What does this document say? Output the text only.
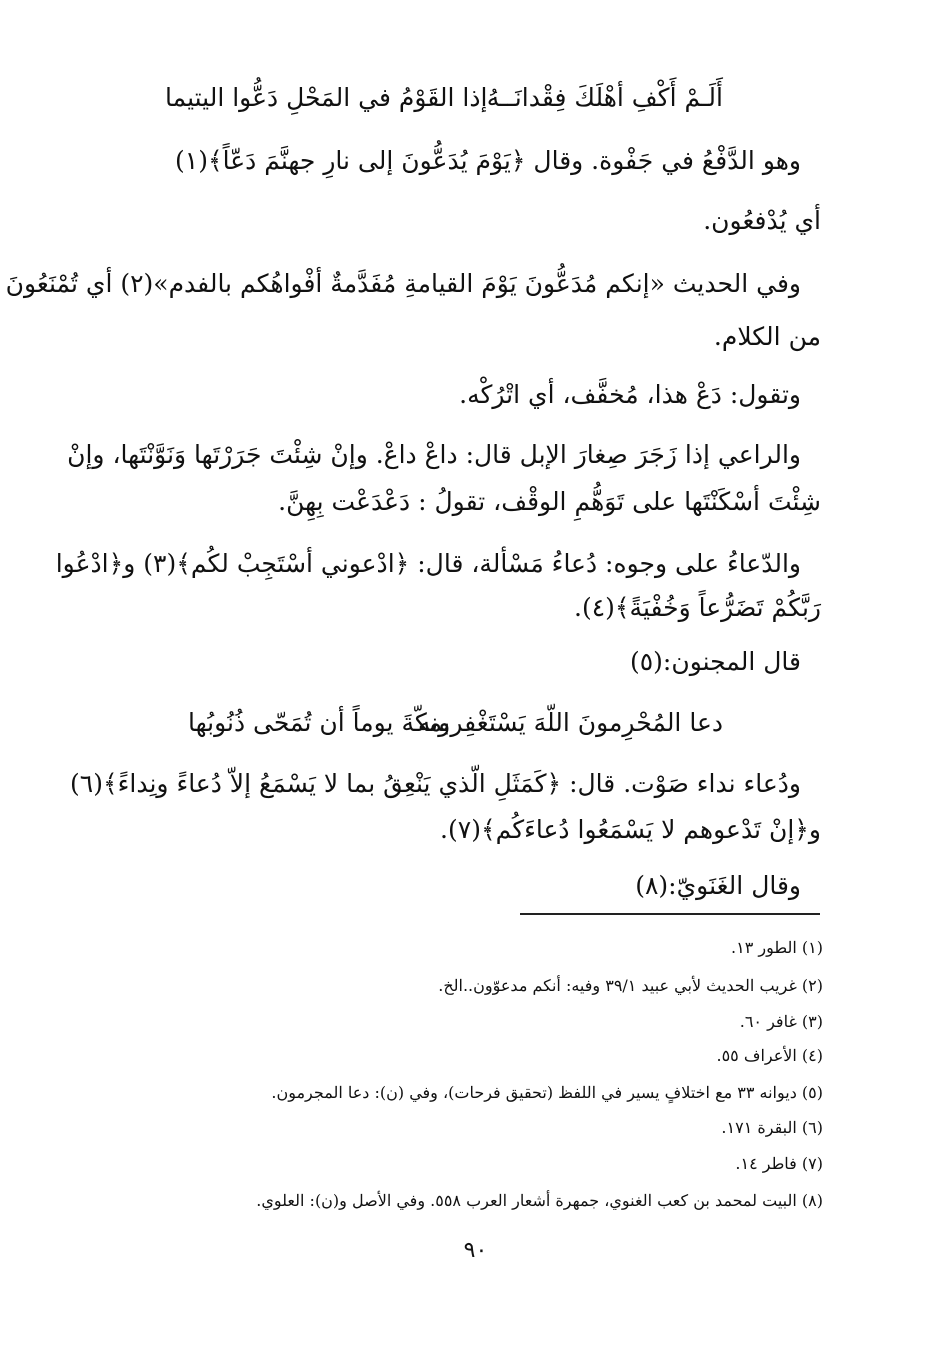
أَلَـمْ أَكْفِ أهْلَكَ فِقْدانَــهُ
إذا القَوْمُ في المَحْلِ دَعُّوا اليتيما
وهو الدَّفْعُ في جَفْوة. وقال ﴿يَوْمَ يُدَعُّونَ إلى نارِ جهنَّمَ دَعّاً﴾(١)
أي يُدْفعُون.
وفي الحديث «إنكم مُدَعُّونَ يَوْمَ القيامةِ مُفَدَّمةٌ أفْواهُكم بالفدم»(٢) أي تُمْنَعُونَ
من الكلام.
وتقول: دَعْ هذا، مُخفَّف، أي اتْرُكْه.
والراعي إذا زَجَرَ صِغارَ الإبل قال: داعْ داعْ. وإنْ شِئْتَ جَرَرْتَها وَنَوَّنْتَها، وإنْ
شِئْتَ أسْكَنْتَها على تَوَهُّمِ الوقْف، تقولُ : دَعْدَعْت بِهِنَّ.
والدّعاءُ على وجوه: دُعاءُ مَسْألة، قال: ﴿ادْعوني أسْتَجِبْ لكُم﴾(٣) و﴿ادْعُوا
رَبَّكُمْ تَضَرُّعاً وَخُفْيَةً﴾(٤).
قال المجنون:(٥)
دعا المُحْرِمونَ اللّهَ يَسْتَغْفِرونه
بمكّةَ يوماً أن تُمَحّى ذُنُوبُها
ودُعاء نداء صَوْت. قال: ﴿كَمَثَلِ الّذي يَنْعِقُ بما لا يَسْمَعُ إلاّ دُعاءً ونِداءً﴾(٦)
و﴿إنْ تَدْعوهم لا يَسْمَعُوا دُعاءَكُم﴾(٧).
وقال الغَنَويّ:(٨)
(١) الطور ١٣.
(٢) غريب الحديث لأبي عبيد ٣٩/١ وفيه: أنكم مدعوّون..الخ.
(٣) غافر ٦٠.
(٤) الأعراف ٥٥.
(٥) ديوانه ٣٣ مع اختلافٍ يسير في اللفظ (تحقيق فرحات)، وفي (ن): دعا المجرمون.
(٦) البقرة ١٧١.
(٧) فاطر ١٤.
(٨) البيت لمحمد بن كعب الغنوي، جمهرة أشعار العرب ٥٥٨. وفي الأصل و(ن): العلوي.
٩٠
